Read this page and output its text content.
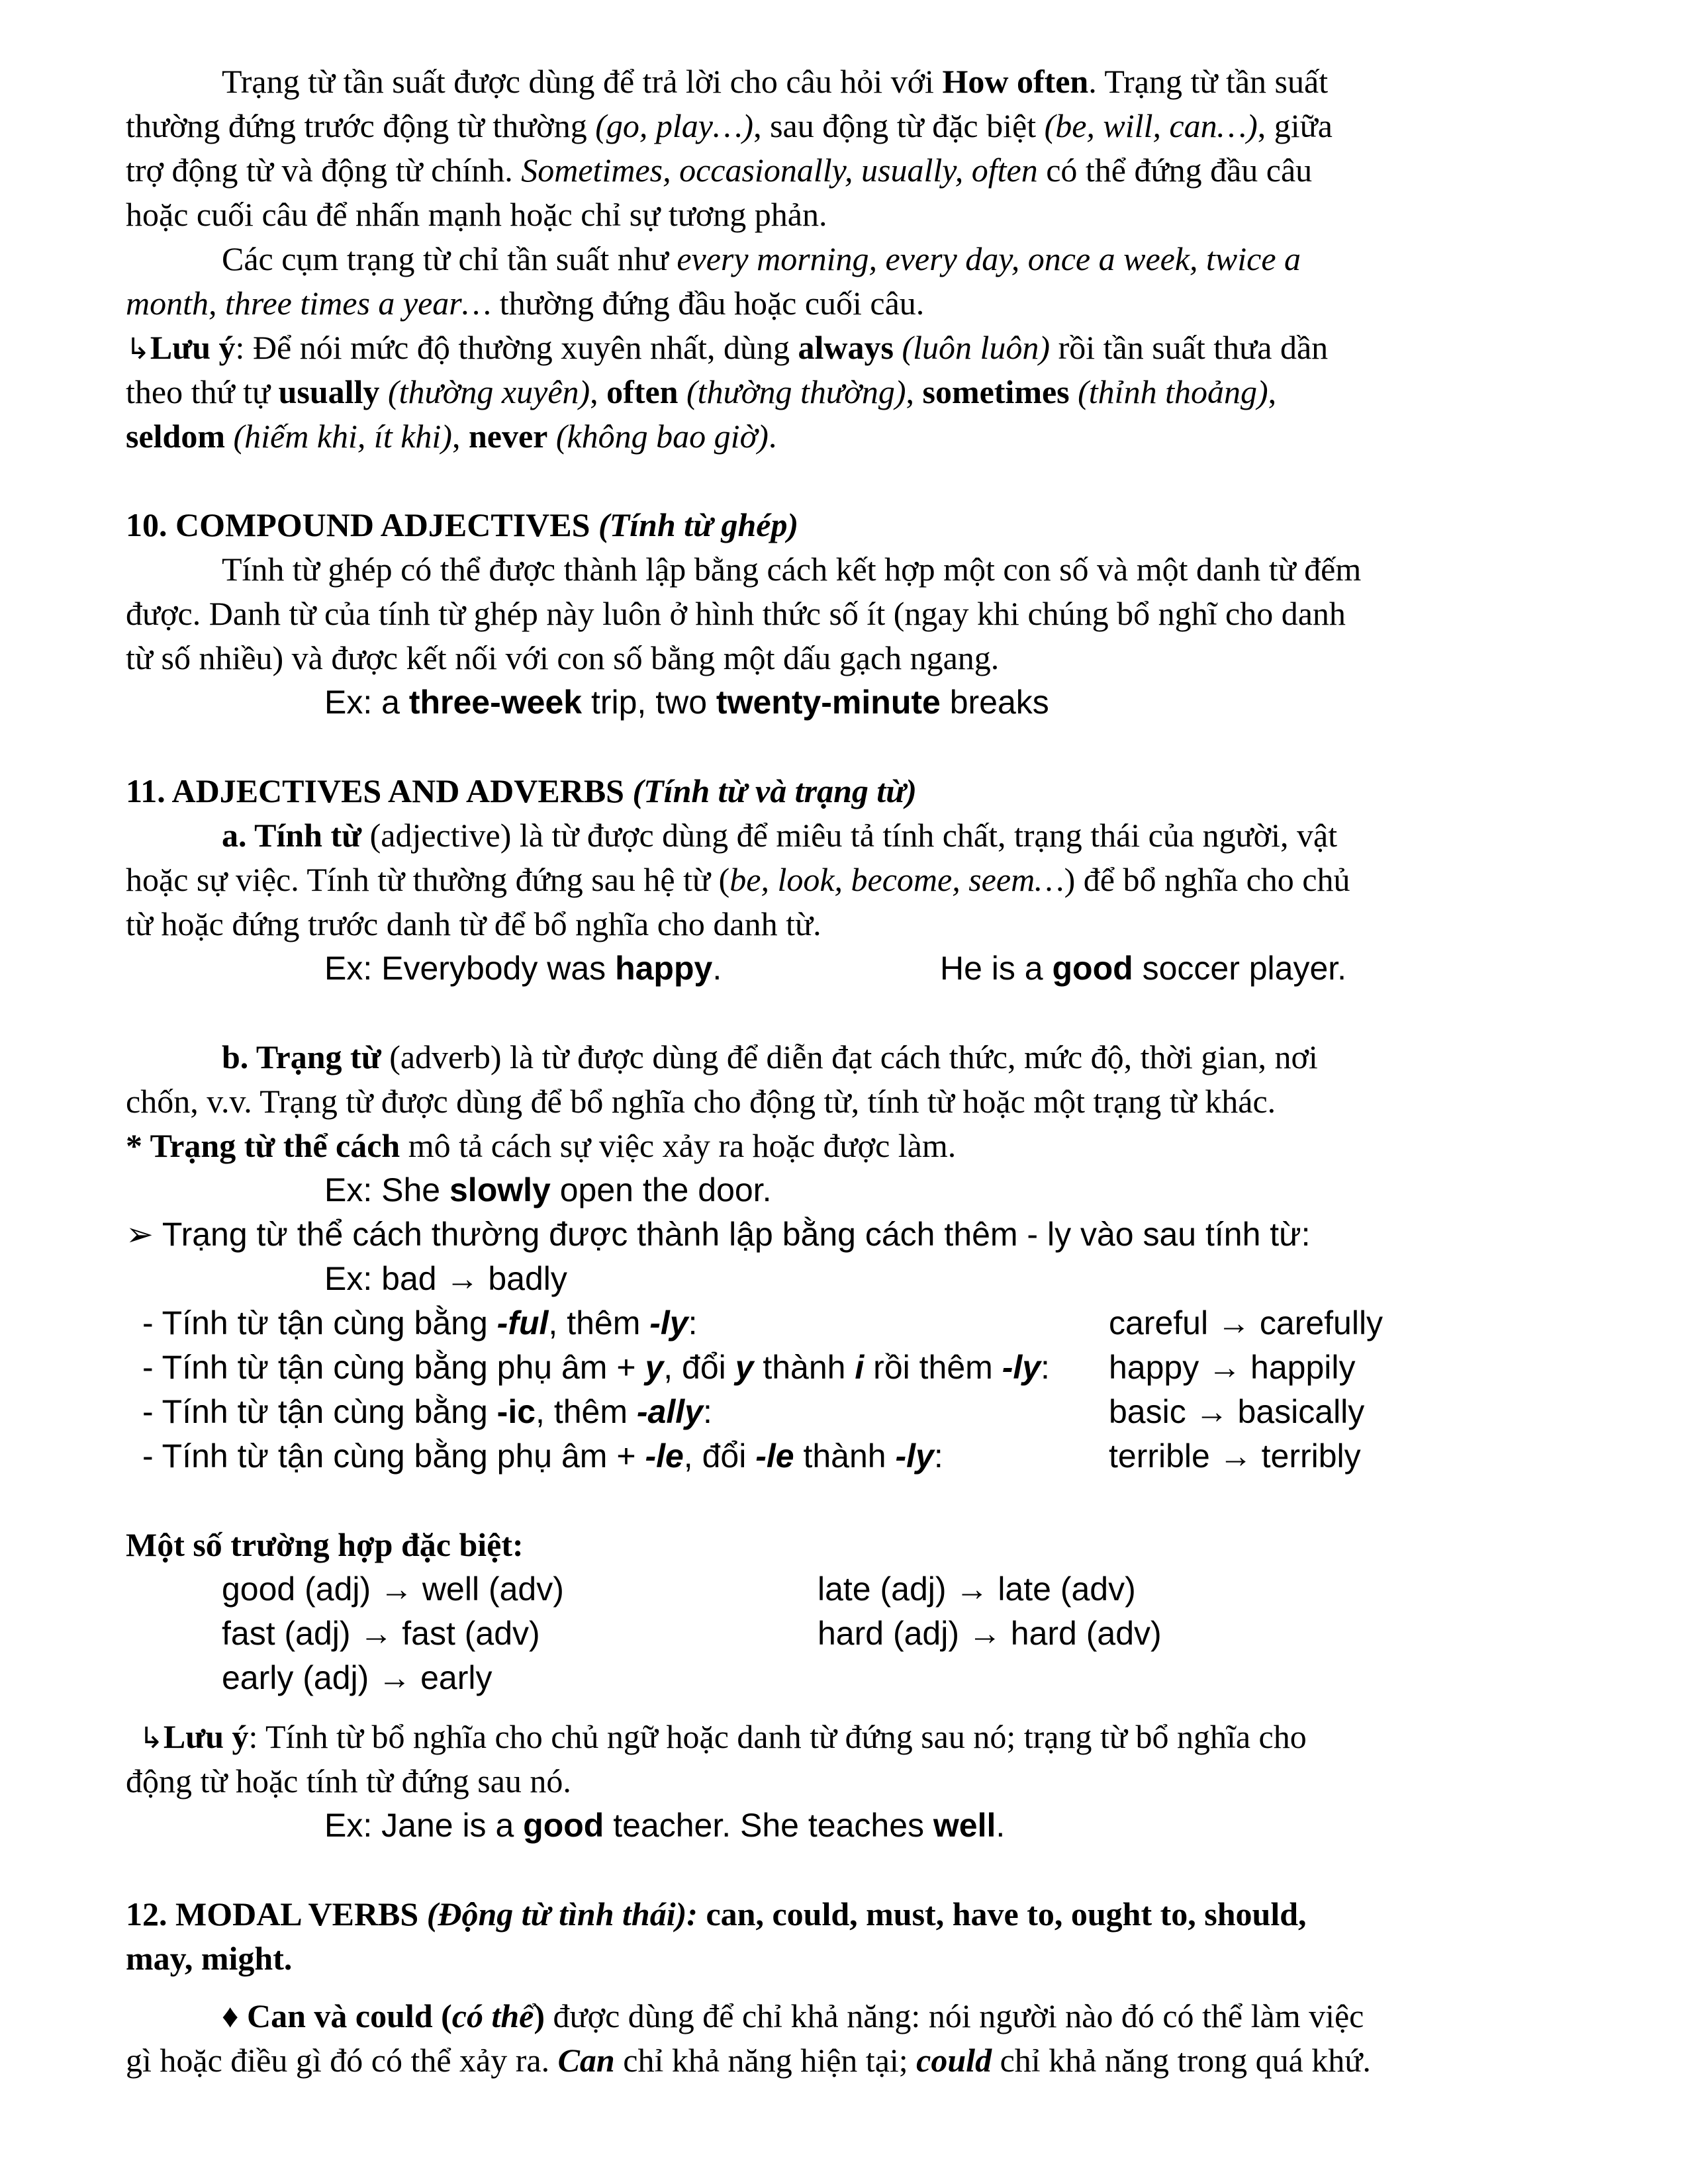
Trạng từ tần suất được dùng để trả lời cho câu hỏi với How often. Trạng từ tần suất
thường đứng trước động từ thường (go, play…), sau động từ đặc biệt (be, will, can…), giữa
trợ động từ và động từ chính. Sometimes, occasionally, usually, often có thể đứng đầu câu
hoặc cuối câu để nhấn mạnh hoặc chỉ sự tương phản.
Các cụm trạng từ chỉ tần suất như every morning, every day, once a week, twice a
month, three times a year… thường đứng đầu hoặc cuối câu.
↳Lưu ý: Để nói mức độ thường xuyên nhất, dùng always (luôn luôn) rồi tần suất thưa dần
theo thứ tự usually (thường xuyên), often (thường thường), sometimes (thỉnh thoảng),
seldom (hiếm khi, ít khi), never (không bao giờ).
10. COMPOUND ADJECTIVES (Tính từ ghép)
Tính từ ghép có thể được thành lập bằng cách kết hợp một con số và một danh từ đếm
được. Danh từ của tính từ ghép này luôn ở hình thức số ít (ngay khi chúng bổ nghĩ cho danh
từ số nhiều) và được kết nối với con số bằng một dấu gạch ngang.
Ex: a three-week trip, two twenty-minute breaks
11. ADJECTIVES AND ADVERBS (Tính từ và trạng từ)
a. Tính từ (adjective) là từ được dùng để miêu tả tính chất, trạng thái của người, vật
hoặc sự việc. Tính từ thường đứng sau hệ từ (be, look, become, seem…) để bổ nghĩa cho chủ
từ hoặc đứng trước danh từ để bổ nghĩa cho danh từ.
Ex: Everybody was happy.	He is a good soccer player.
b. Trạng từ (adverb) là từ được dùng để diễn đạt cách thức, mức độ, thời gian, nơi
chốn, v.v. Trạng từ được dùng để bổ nghĩa cho động từ, tính từ hoặc một trạng từ khác.
* Trạng từ thể cách mô tả cách sự việc xảy ra hoặc được làm.
Ex: She slowly open the door.
➢ Trạng từ thể cách thường được thành lập bằng cách thêm - ly vào sau tính từ:
Ex: bad → badly
- Tính từ tận cùng bằng -ful, thêm -ly:	careful → carefully
- Tính từ tận cùng bằng phụ âm + y, đổi y thành i rồi thêm -ly:	happy → happily
- Tính từ tận cùng bằng -ic, thêm -ally:	basic → basically
- Tính từ tận cùng bằng phụ âm + -le, đổi -le thành -ly:	terrible → terribly
Một số trường hợp đặc biệt:
good (adj) → well (adv)	late (adj) → late (adv)
fast (adj) → fast (adv)	hard (adj) → hard (adv)
early (adj) → early
↳Lưu ý: Tính từ bổ nghĩa cho chủ ngữ hoặc danh từ đứng sau nó; trạng từ bổ nghĩa cho
động từ hoặc tính từ đứng sau nó.
Ex: Jane is a good teacher. She teaches well.
12. MODAL VERBS (Động từ tình thái): can, could, must, have to, ought to, should,
may, might.
♦ Can và could (có thể) được dùng để chỉ khả năng: nói người nào đó có thể làm việc
gì hoặc điều gì đó có thể xảy ra. Can chỉ khả năng hiện tại; could chỉ khả năng trong quá khứ.
